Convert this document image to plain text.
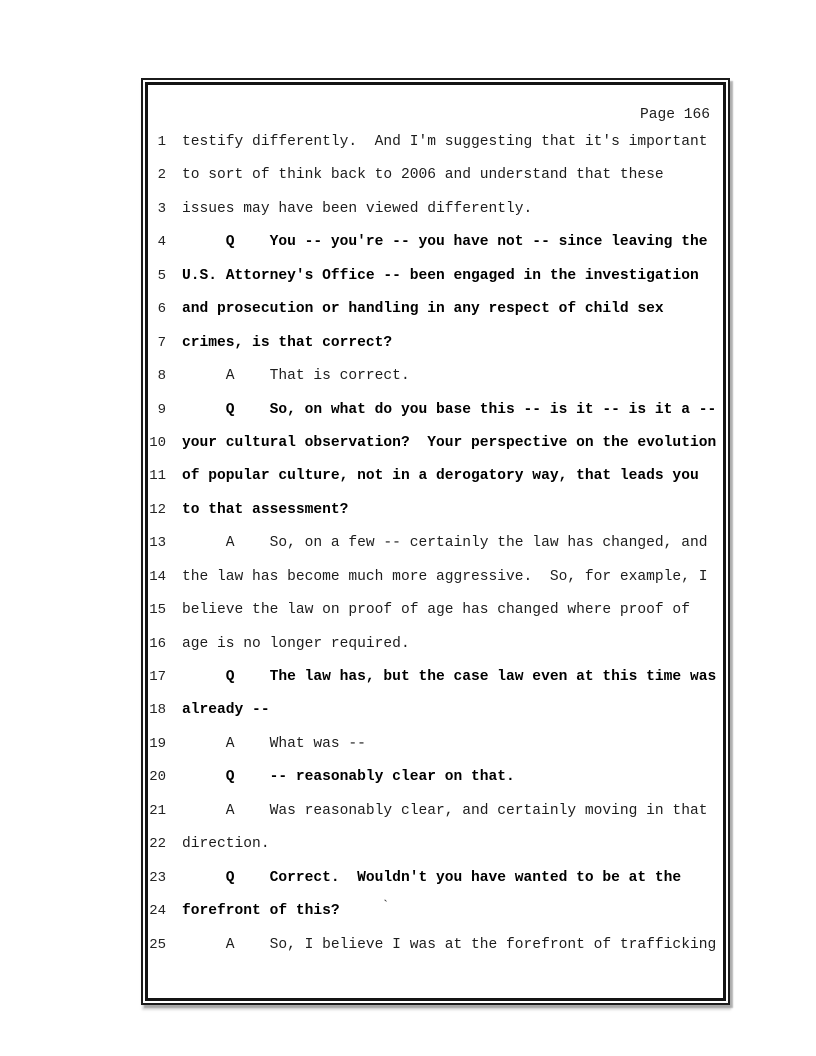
Page 166
1	testify differently.  And I'm suggesting that it's important
2	to sort of think back to 2006 and understand that these
3	issues may have been viewed differently.
4	Q    You -- you're -- you have not -- since leaving the
5	U.S. Attorney's Office -- been engaged in the investigation
6	and prosecution or handling in any respect of child sex
7	crimes, is that correct?
8	A    That is correct.
9	Q    So, on what do you base this -- is it -- is it a --
10	your cultural observation?  Your perspective on the evolution
11	of popular culture, not in a derogatory way, that leads you
12	to that assessment?
13	A    So, on a few -- certainly the law has changed, and
14	the law has become much more aggressive.  So, for example, I
15	believe the law on proof of age has changed where proof of
16	age is no longer required.
17	Q    The law has, but the case law even at this time was
18	already --
19	A    What was --
20	Q    -- reasonably clear on that.
21	A    Was reasonably clear, and certainly moving in that
22	direction.
23	Q    Correct.  Wouldn't you have wanted to be at the
24	forefront of this?	`
25	A    So, I believe I was at the forefront of trafficking
